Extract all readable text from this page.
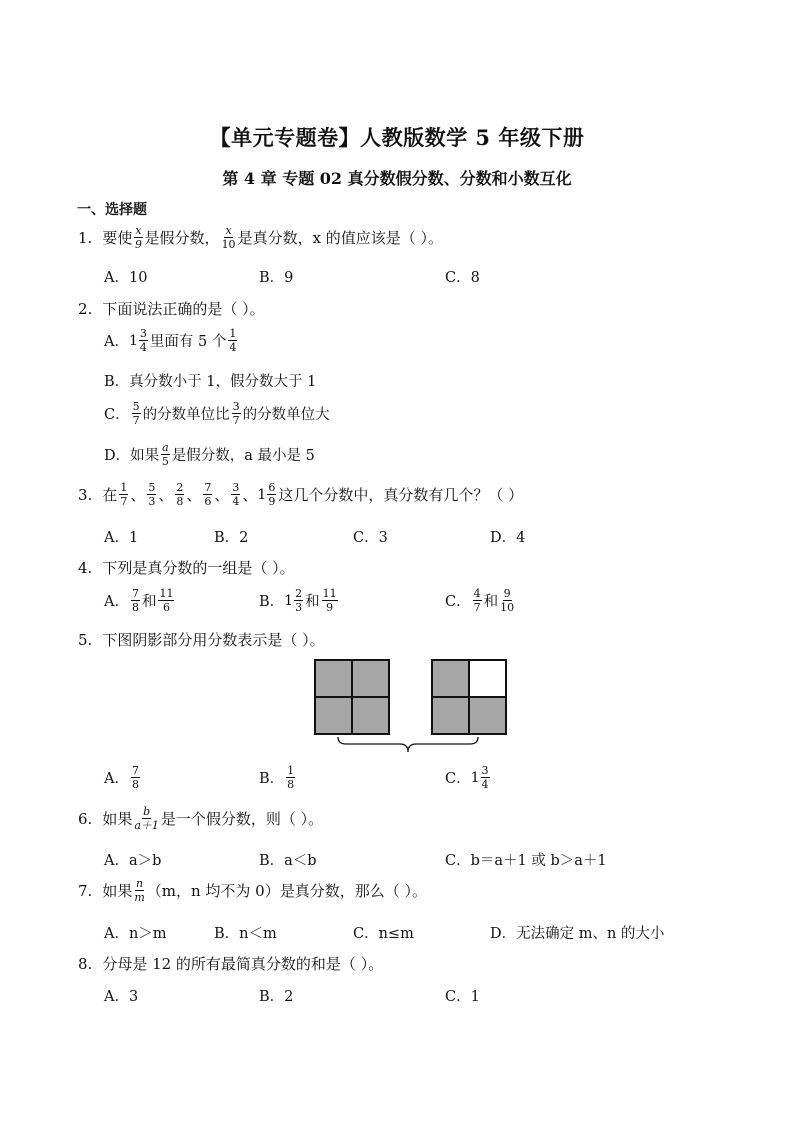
【单元专题卷】人教版数学 5 年级下册
第 4 章 专题 02 真分数假分数、分数和小数互化
一、选择题
1. 要使 $\frac{x}{9}$ 是假分数， $\frac{x}{10}$ 是真分数，x 的值应该是（ ）。
A．10	B．9	C．8
2. 下面说法正确的是（ ）。
A． $1 \frac{3}{4}$ 里面有 5 个 $\frac{1}{4}$
B．真分数小于 1，假分数大于 1
C． $\frac{5}{7}$ 的分数单位比 $\frac{3}{7}$ 的分数单位大
D．如果 $\frac{a}{5}$ 是假分数，a 最小是 5
3. 在 $\frac{1}{7}$ 、 $\frac{5}{3}$ 、 $\frac{2}{8}$ 、 $\frac{7}{6}$ 、 $\frac{3}{4}$ 、 $1 \frac{6}{9}$ 这几个分数中，真分数有几个？（ ）
A．1	B．2	C．3	D．4
4. 下列是真分数的一组是（ ）。
A． $\frac{7}{8}$ 和 $\frac{11}{6}$	B． $1 \frac{2}{3}$ 和 $\frac{11}{9}$	C． $\frac{4}{7}$ 和 $\frac{9}{10}$
5. 下图阴影部分用分数表示是（ ）。
A． $\frac{7}{8}$	B． $\frac{1}{8}$	C． $1 \frac{3}{4}$
6. 如果 $\frac{b}{a+1}$ 是一个假分数，则（ ）。
A．a＞b	B．a＜b	C．b＝a＋1 或 b＞a＋1
7. 如果 $\frac{n}{m} (m$，n 均不为 0）是真分数，那么（ ）。
A．n＞m	B．n＜m	C．n≤m	D．无法确定 m、n 的大小
8. 分母是 12 的所有最简真分数的和是（ ）。
A．3	B．2	C．1
